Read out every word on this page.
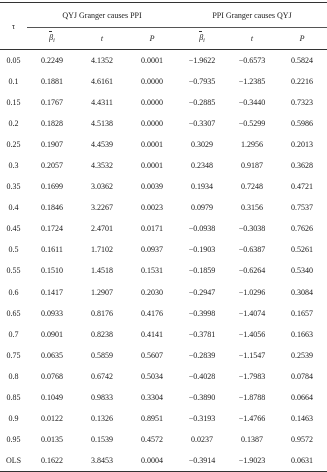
τ	QYJ Granger causes PPI			PPI Granger causes QYJ		
	$\beta_i$	t	P	$\beta_i$	t	P
0.05	0.2249	4.1352	0.0001	−1.9622	−0.6573	0.5824
0.1	0.1881	4.6161	0.0000	−0.7935	−1.2385	0.2216
0.15	0.1767	4.4311	0.0000	−0.2885	−0.3440	0.7323
0.2	0.1828	4.5138	0.0000	−0.3307	−0.5299	0.5986
0.25	0.1907	4.4539	0.0001	0.3029	1.2956	0.2013
0.3	0.2057	4.3532	0.0001	0.2348	0.9187	0.3628
0.35	0.1699	3.0362	0.0039	0.1934	0.7248	0.4721
0.4	0.1846	3.2267	0.0023	0.0979	0.3156	0.7537
0.45	0.1724	2.4701	0.0171	−0.0938	−0.3038	0.7626
0.5	0.1611	1.7102	0.0937	−0.1903	−0.6387	0.5261
0.55	0.1510	1.4518	0.1531	−0.1859	−0.6264	0.5340
0.6	0.1417	1.2907	0.2030	−0.2947	−1.0296	0.3084
0.65	0.0933	0.8176	0.4176	−0.3998	−1.4074	0.1657
0.7	0.0901	0.8238	0.4141	−0.3781	−1.4056	0.1663
0.75	0.0635	0.5859	0.5607	−0.2839	−1.1547	0.2539
0.8	0.0768	0.6742	0.5034	−0.4028	−1.7983	0.0784
0.85	0.1049	0.9833	0.3304	−0.3890	−1.8788	0.0664
0.9	0.0122	0.1326	0.8951	−0.3193	−1.4766	0.1463
0.95	0.0135	0.1539	0.4572	0.0237	0.1387	0.9572
OLS	0.1622	3.8453	0.0004	−0.3914	−1.9023	0.0631
